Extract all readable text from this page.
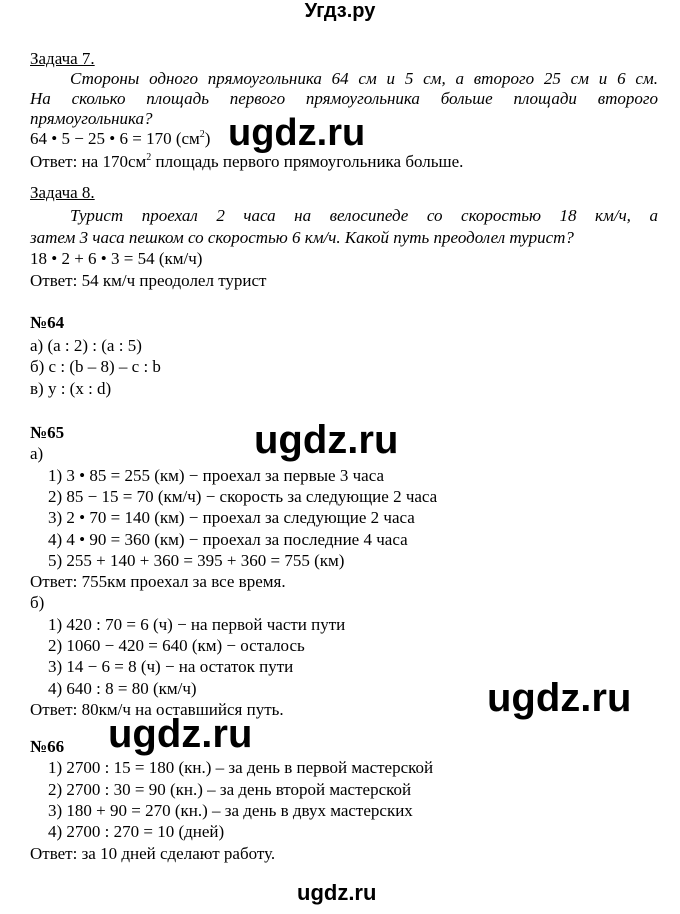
Угдз.ру
Задача 7.
Стороны одного прямоугольника 64 см и 5 см, а второго 25 см и 6 см.
На сколько площадь первого прямоугольника больше площади второго
прямоугольника?
64 • 5 − 25 • 6 = 170 $(см^2)$
Ответ: на $170см^2$ площадь первого прямоугольника больше.
Задача 8.
Турист проехал 2 часа на велосипеде со скоростью 18 км/ч, а
затем 3 часа пешком со скоростью 6 км/ч. Какой путь преодолел турист?
18 • 2 + 6 • 3 = 54 (км/ч)
Ответ: 54 км/ч преодолел турист
№64
а) (a : 2) : (a : 5)
б) c : (b – 8) – c : b
в) y : (x : d)
№65
а)
1) 3 • 85 = 255 (км) − проехал за первые 3 часа
2) 85 − 15 = 70 (км/ч) − скорость за следующие 2 часа
3) 2 • 70 = 140 (км) − проехал за следующие 2 часа
4) 4 • 90 = 360 (км) − проехал за последние 4 часа
5) 255 + 140 + 360 = 395 + 360 = 755 (км)
Ответ: 755км проехал за все время.
б)
1) 420 : 70 = 6 (ч) − на первой части пути
2) 1060 − 420 = 640 (км) − осталось
3) 14 − 6 = 8 (ч) − на остаток пути
4) 640 : 8 = 80 (км/ч)
Ответ: 80км/ч на оставшийся путь.
№66
1) 2700 : 15 = 180 (кн.) – за день в первой мастерской
2) 2700 : 30 = 90 (кн.) – за день второй мастерской
3) 180 + 90 = 270 (кн.) – за день в двух мастерских
4) 2700 : 270 = 10 (дней)
Ответ: за 10 дней сделают работу.
ugdz.ru
ugdz.ru
ugdz.ru
ugdz.ru
ugdz.ru
